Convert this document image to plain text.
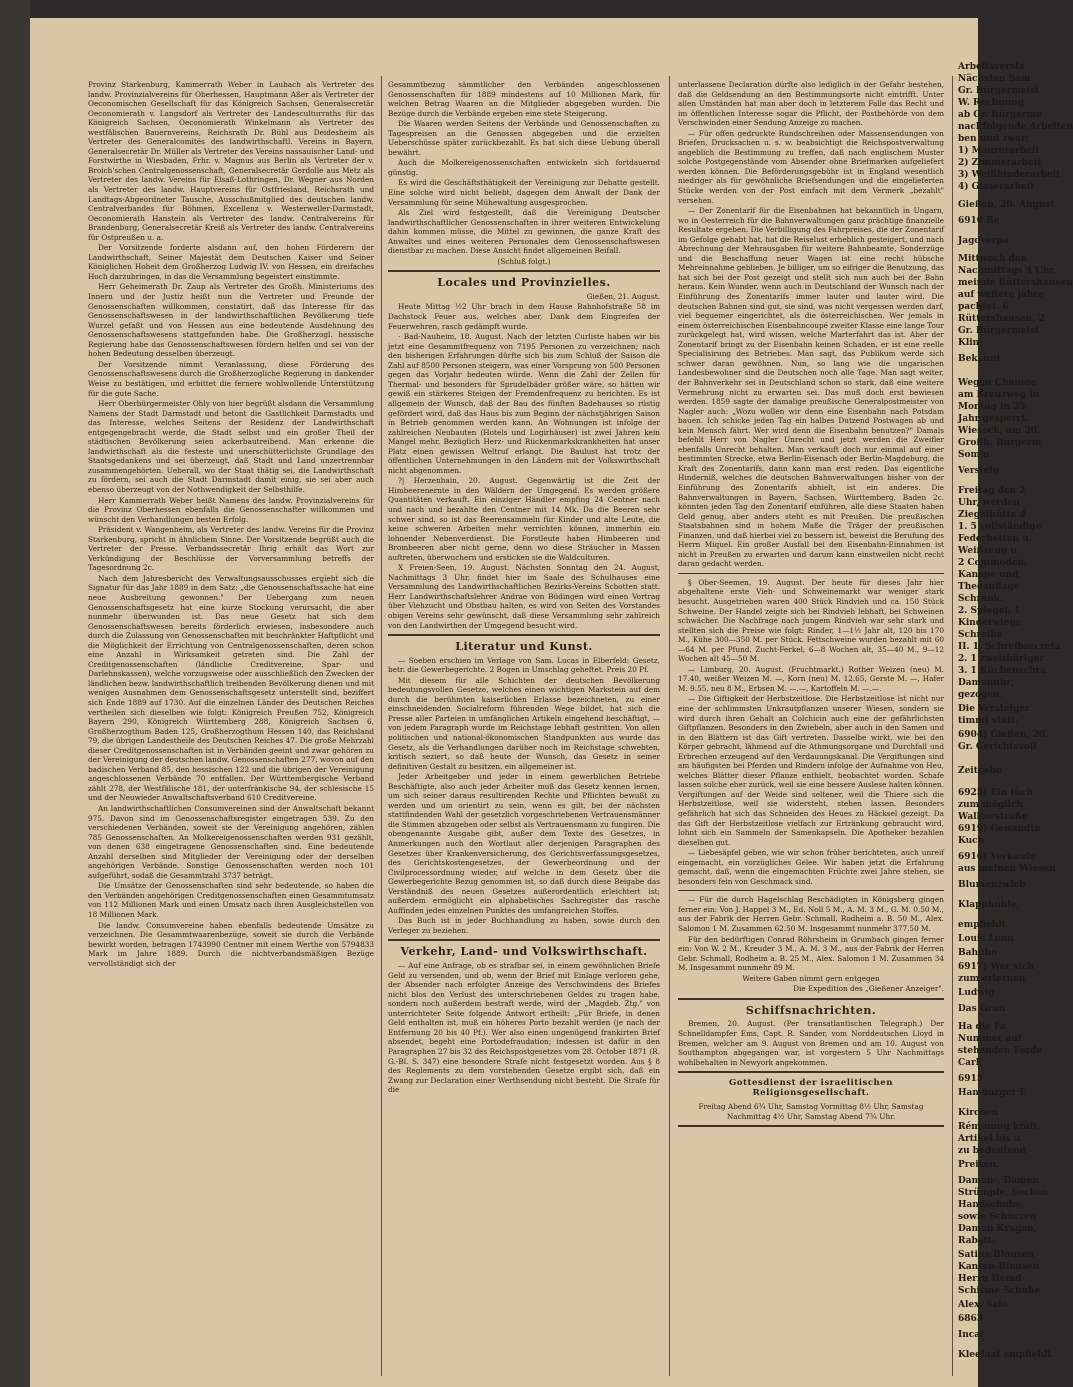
Provinz Starkenburg, Kammerrath Weber in Laubach als Vertreter des landw. Provinzialvereins für Oberhessen, Hauptmann Aßer als Vertreter der Oeconomischen Gesellschaft für das Königreich Sachsen, Generalsecretär Oeconomierath v. Langsdorf als Vertreter des Landesculturraths für das Königreich Sachsen, Oeconomierath Winkelmann als Vertreter des westfälischen Bauernvereins, Reichsrath Dr. Bühl aus Deidesheim als Vertreter des Generalcomités des landwirthschaftl. Vereins in Bayern, Generalsecretär Dr. Müller als Vertreter des Vereins nassauischer Land- und Forstwirthe in Wiesbaden, Frhr. v. Magnus aus Berlin als Vertreter der v. Broich'schen Centralgenossenschaft, Generalsecretär Gerdolle aus Metz als Vertreter des landw. Vereins für Elsaß-Lothringen, Dr. Wegner aus Norden als Vertreter des landw. Hauptvereins für Ostfriesland, Reichsrath und Landtags-Abgeordneter Tausche, Ausschußmitglied des deutschen landw. Centralverbandes für Böhmen, Excellenz v. Westerweller-Darmstadt, Oeconomierath Hanstein als Vertreter des landw. Centralvereins für Brandenburg, Generalsecretär Kreiß als Vertreter des landw. Centralvereins für Ostpreußen u. a.

Der Vorsitzende forderte alsdann auf, den hohen Förderern der Landwirthschaft, Seiner Majestät dem Deutschen Kaiser und Seiner Königlichen Hoheit dem Großherzog Ludwig IV. von Hessen, ein dreifaches Hoch darzubringen, in das die Versammlung begeistert einstimmte.

Herr Geheimerath Dr. Zaup als Vertreter des Großh. Ministeriums des Innern und der Justiz heißt nun die Vertreter und Freunde der Genossenschaften willkommen, constatirt, daß das Interesse für das Genossenschaftswesen in der landwirthschaftlichen Bevölkerung tiefe Wurzel gefaßt und von Hessen aus eine bedeutende Ausdehnung des Genossenschaftswesens stattgefunden habe. Die Großherzogl. hessische Regierung habe das Genossenschaftswesen fördern helfen und sei von der hohen Bedeutung desselben überzeugt.

Der Vorsitzende nimmt Veranlassung, diese Förderung des Genossenschaftswesens durch die Großherzogliche Regierung in dankender Weise zu bestätigen, und erbittet die fernere wohlwollende Unterstützung für die gute Sache.

Herr Oberbürgermeister Ohly von hier begrüßt alsdann die Versammlung Namens der Stadt Darmstadt und betont die Gastlichkeit Darmstadts und das Interesse, welches Seitens der Residenz der Landwirthschaft entgegengebracht werde, die Stadt selbst und ein großer Theil der städtischen Bevölkerung seien ackerbautreibend. Man erkenne die landwirthschaft als die festeste und unerschütterlichste Grundlage des Staatsgedankens und sei überzeugt, daß Stadt und Land unzertrennbar zusammengehörten. Ueberall, wo der Staat thätig sei, die Landwirthschaft zu fördern, sei auch die Stadt Darmstadt damit einig, sie sei aber auch ebenso überzeugt von der Nothwendigkeit der Selbsthilfe.

Herr Kammerrath Weber heißt Namens des landw. Provinzialvereins für die Provinz Oberhessen ebenfalls die Genossenschafter willkommen und wünscht den Verhandlungen besten Erfolg.

Präsident v. Wangenheim, als Vertreter des landw. Vereins für die Provinz Starkenburg, spricht in ähnlichem Sinne. Der Vorsitzende begrüßt auch die Vertreter der Presse. Verbandssecretär Ihrig erhält das Wort zur Verkündigung der Beschlüsse der Vorversammlung betreffs der Tagesordnung 2c.

Nach dem Jahresbericht des Verwaltungsausschusses ergiebt sich die Signatur für das Jahr 1889 in dem Satz: „die Genossenschaftssache hat eine neue Ausbreitung gewonnen." Der Uebergang zum neuen Genossenschaftsgesetz hat eine kurze Stockung verursacht, die aber nunmehr überwunden ist. Das neue Gesetz hat sich dem Genossenschaftswesen bereits förderlich erwiesen, insbesondere auch durch die Zulassung von Genossenschaften mit beschränkter Haftpflicht und die Möglichkeit der Errichtung von Centralgenossenschaften, deren schon eine Anzahl in Wirksamkeit getreten sind. Die Zahl der Creditgenossenschaften (ländliche Creditvereine, Spar- und Darlehnskassen), welche vorzugsweise oder ausschließlich den Zwecken der ländlichen bezw. landwirthschaftlich treibenden Bevölkerung dienen und mit wenigen Ausnahmen dem Genossenschaftsgesetz unterstellt sind, beziffert sich Ende 1889 auf 1730. Auf die einzelnen Länder des Deutschen Reiches vertheilen sich dieselben wie folgt: Königreich Preußen 752, Königreich Bayern 290, Königreich Württemberg 288, Königreich Sachsen 6, Großherzogthum Baden 125, Großherzogthum Hessen 140, das Reichsland 79, die übrigen Landestheile des Deutschen Reiches 47. Die große Mehrzahl dieser Creditgenossenschaften ist in Verbänden geeint und zwar gehören zu der Vereinigung der deutschen landw. Genossenschaften 277, wovon auf den badischen Verband 85, den hessischen 122 und die übrigen der Vereinigung angeschlossenen Verbände 70 entfallen. Der Württembergische Verband zählt 278, der Westfälische 181, der unterfränkische 94, der schlesische 15 und der Neuwieder Anwaltschaftsverband 610 Creditvereine.

An landwirthschaftlichen Consumvereinen sind der Anwaltschaft bekannt 975. Davon sind im Genossenschaftsregister eingetragen 539. Zu den verschiedenen Verbänden, soweit sie der Vereinigung angehören, zählen 785 Genossenschaften. An Molkereigenossenschaften werden 931 gezählt, von denen 638 eingetragene Genossenschaften sind. Eine bedeutende Anzahl derselben sind Mitglieder der Vereinigung oder der derselben angehörigen Verbände. Sonstige Genossenschaften werden noch 101 aufgeführt, sodaß die Gesammtzahl 3737 beträgt.

Die Umsätze der Genossenschaften sind sehr bedeutende, so haben die den Verbänden angehörigen Creditgenossenschaften einen Gesammtumsatz von 112 Millionen Mark und einen Umsatz nach ihren Ausgleichstellen von 18 Millionen Mark.

Die landw. Consumvereine haben ebenfalls bedeutende Umsätze zu verzeichnen. Die Gesammtwaarenbezüge, soweit sie durch die Verbände bewirkt worden, betragen 1743990 Centner mit einem Werthe von 5794833 Mark im Jahre 1889. Durch die nichtverbandsmäßigen Bezüge vervollständigt sich der

Gesammtbezug sämmtlicher den Verbänden angeschlossenen Genossenschaften für 1889 mindestens auf 10 Millionen Mark, für welchen Betrag Waaren an die Mitglieder abgegeben wurden. Die Bezüge durch die Verbände ergeben eine stete Steigerung.

Die Waaren werden Seitens der Verbände und Genossenschaften zu Tagespreisen an die Genossen abgegeben und die erzielten Ueberschüsse später zurückbezahlt. Es hat sich diese Uebung überall bewährt.

Auch die Molkereigenossenschaften entwickeln sich fortdauernd günstig.

Es wird die Geschäftsthätigkeit der Vereinigung zur Debatte gestellt. Eine solche wird nicht beliebt, dagegen dem Anwalt der Dank der Versammlung für seine Mühewaltung ausgesprochen.

Als Ziel wird festgestellt, daß die Vereinigung Deutscher landwirthschaftlicher Genossenschaften in ihrer weiteren Entwickelung dahin kommen müsse, die Mittel zu gewinnen, die ganze Kraft des Anwaltes und eines weiteren Personales dem Genossenschaftswesen dienstbar zu machen. Diese Ansicht findet allgemeinen Beifall.

(Schluß folgt.)

Locales und Provinzielles.

Gießen, 21. August.

Heute Mittag ½2 Uhr brach in dem Hause Bahnhofstraße 58 im Dachstock Feuer aus, welches aber, Dank dem Eingreifen der Feuerwehren, rasch gedämpft wurde.

· Bad-Nauheim, 18. August. Nach der letzten Curliste haben wir bis jetzt eine Gesammtfrequenz von 7195 Personen zu verzeichnen; nach den bisherigen Erfahrungen dürfte sich bis zum Schluß der Saison die Zahl auf 8500 Personen steigern, was einer Vorsprung von 500 Personen gegen das Vorjahr bedeuten würde. Wenn die Zahl der Zellen für Thermal- und besonders für Sprudelbäder größer wäre, so hätten wir gewiß ein stärkeres Steigen der Fremdenfrequenz zu berichten. Es ist allgemein der Wunsch, daß der Bau des fünften Badehauses so rüstig gefördert wird, daß das Haus bis zum Beginn der nächstjährigen Saison in Betrieb genommen werden kann. An Wohnungen ist infolge der zahlreichen Neubauten (Hotels und Logirhäuser) ist zwei Jahren kein Mangel mehr. Bezüglich Herz- und Rückenmarkskrankheiten hat unser Platz einen gewissen Weltruf erlangt. Die Baulust hat trotz der öffentlichen Unternehmungen in den Ländern mit der Volkswirthschaft nicht abgenommen.

?| Herzenhain, 20. August. Gegenwärtig ist die Zeit der Himbeerenernte in den Wäldern der Umgegend. Es werden größere Quantitäten verkauft. Ein einziger Händler empfing 24 Centner nach und nach und bezahlte den Centner mit 14 Mk. Da die Beeren sehr schwer sind, so ist das Beerensammeln für Kinder und alte Leute, die keine schweren Arbeiten mehr verrichten können, immerhin ein lohnender Nebenverdienst. Die Forstleute haben Himbeeren und Brombeeren aber nicht gerne, denn wo diese Sträucher in Massen auftreten, überwuchern und ersticken sie die Waldculturen.

X Freien-Seen, 19. August. Nächsten Sonntag den 24. August, Nachmittags 3 Uhr, findet hier im Saale des Schulhauses eine Versammlung des Landwirthschaftlichen Bezirks-Vereins Schotten statt. Herr Landwirthschaftslehrer Andrae von Büdingen wird einen Vortrag über Viehzucht und Obstbau halten, es wird von Seiten des Vorstandes obigen Vereins sehr gewünscht, daß diese Versammlung sehr zahlreich von den Landwirthen der Umgegend besucht wird.

Literatur und Kunst.

— Soeben erschien im Verlage von Sam. Lucas in Elberfeld: Gesetz, betr. die Gewerbegerichte. 2 Bogen in Umschlag geheftet. Preis 20 Pf.

Mit diesem für alle Schichten der deutschen Bevölkerung bedeutungsvollen Gesetze, welches einen wichtigen Markstein auf dem durch die berühmten kaiserlichen Erlasse bezeichneten, zu einer einschneidenden Socialreform führenden Wege bildet, hat sich die Presse aller Parteien in umfänglichen Artikeln eingehend beschäftigt, — von jedem Paragraph wurde im Reichstage lebhaft gestritten. Von allen politischen und national-ökonomischen Standpunkten aus wurde das Gesetz, als die Verhandlungen darüber noch im Reichstage schwebten, kritisch seziert, so daß heute der Wunsch, das Gesetz in seiner definitiven Gestalt zu besitzen, ein allgemeiner ist.

Jeder Arbeitgeber und jeder in einem gewerblichen Betriebe Beschäftigte, also auch jeder Arbeiter muß das Gesetz kennen lernen, um sich seiner daraus resultirenden Rechte und Pflichten bewußt zu werden und um orientirt zu sein, wenn es gilt, bei der nächsten stattfindenden Wahl der gesetzlich vorgeschriebenen Vertrauensmänner die Stimmen abzugeben oder selbst als Vertrauensmann zu fungiren. Die obengenannte Ausgabe gibt, außer dem Texte des Gesetzes, in Anmerkungen auch den Wortlaut aller derjenigen Paragraphen des Gesetzes über Krankenversicherung, des Gerichtsverfassungsgesetzes, des Gerichtskostengesetzes, der Gewerbeordnung und der Civilprocessordnung wieder, auf welche in dem Gesetz über die Gewerbegerichte Bezug genommen ist, so daß durch diese Beigabe das Verständniß des neuen Gesetzes außerordentlich erleichtert ist; außerdem ermöglicht ein alphabetisches Sachregister das rasche Auffinden jedes einzelnen Punktes des umfangreichen Stoffes.

Das Buch ist in jeder Buchhandlung zu haben, sowie durch den Verleger zu beziehen.

Verkehr, Land- und Volkswirthschaft.

— Auf eine Anfrage, ob es strafbar sei, in einem gewöhnlichen Briefe Geld zu versenden, und ob, wenn der Brief mit Einlage verloren gehe, der Absender nach erfolgter Anzeige des Verschwindens des Briefes nicht blos den Verlust des unterschriebenen Geldes zu tragen habe, sondern noch außerdem bestraft werde, wird der „Magdeb. Ztg." von unterrichteter Seite folgende Antwort ertheilt: „Für Briefe, in denen Geld enthalten ist, muß ein höheres Porto bezahlt werden (je nach der Entfernung 20 bis 40 Pf.). Wer also einen ungenügend frankirten Brief absendet, begeht eine Portodefraudation; indessen ist dafür in den Paragraphen 27 bis 32 des Reichspostgesetzes vom 28. October 1871 (R. G.-Bl. S. 347) eine besondere Strafe nicht festgesetzt worden. Aus § 8 des Reglements zu dem vorstehenden Gesetze ergibt sich, daß ein Zwang zur Declaration einer Werthsendung nicht besteht. Die Strafe für die

unterlassene Declaration dürfte also lediglich in der Gefahr bestehen, daß die Geldsendung an den Bestimmungsorte nicht eintrifft. Unter allen Umständen hat man aber doch in letzterem Falle das Recht und im öffentlichen Interesse sogar die Pflicht, der Postbehörde von dem Verschwinden einer Sendung Anzeige zu machen.

— Für offen gedruckte Rundschreiben oder Massensendungen von Briefen, Drucksachen u. s. w. beabsichtigt die Reichspostverwaltung angeblich die Bestimmung zu treffen, daß nach englischem Muster solche Postgegenstände vom Absender ohne Briefmarken aufgeliefert werden können. Die Beförderungsgebühr ist in England wesentlich niedriger als für gewöhnliche Briefsendungen und die eingelieferten Stücke werden von der Post einfach mit dem Vermerk „bezahlt" versehen.

— Der Zonentarif für die Eisenbahnen hat bekanntlich in Ungarn, wo in Oesterreich für die Bahnverwaltungen ganz prächtige finanzielle Resultate ergeben. Die Verbilligung des Fahrpreises, die der Zonentarif im Gefolge gehabt hat, hat die Reiselust erheblich gesteigert, und nach Abrechnung der Mehrausgaben für weitere Bahnbeamte, Sonderzüge und die Beschaffung neuer Wagen ist eine recht hübsche Mehreinnahme geblieben. Je billiger, um so eifriger die Benutzung, das hat sich bei der Post gezeigt und stellt sich nun auch bei der Bahn heraus. Kein Wunder, wenn auch in Deutschland der Wunsch nach der Einführung des Zonentarifs immer lauter und lauter wird. Die deutschen Bahnen sind gut, sie sind, was nicht vergessen werden darf, viel bequemer eingerichtet, als die österreichischen. Wer jemals in einem österreichischen Eisenbahncoupé zweiter Klasse eine lange Tour zurückgelegt hat, wird wissen, welche Marterfahrt das ist. Aber der Zonentarif bringt zu der Eisenbahn keinen Schaden, er ist eine reelle Specialisirung des Betriebes. Man sagt, das Publikum werde sich schwer daran gewöhnen. Nun, so lang wie die ungarischen Landesbewohner sind die Deutschen noch alle Tage. Man sagt weiter, der Bahnverkehr sei in Deutschland schon so stark, daß eine weitere Vermehrung nicht zu erwarten sei. Das muß doch erst bewiesen werden. 1859 sagte der damalige preußische Generalpostmeister von Nagler auch: „Wozu wollen wir denn eine Eisenbahn nach Potsdam bauen. Ich schicke jeden Tag ein halbes Dutzend Postwagen ab und kein Mensch fährt. Wer wird denn die Eisenbahn benutzen?" Damals befehlt Herr von Nagler Unrecht und jetzt werden die Zweifler ebenfalls Unrecht behalten. Man verkauft doch nur einmal auf einer bestimmten Strecke, etwa Berlin-Eisenach oder Berlin-Magdeburg, die Kraft des Zonentarifs, dann kann man erst reden. Das eigentliche Hinderniß, welches die deutschen Bahnverwaltungen bisher von der Einführung des Zonentarifs abhielt, ist ein anderes. Die Bahnverwaltungen in Bayern, Sachsen, Württemberg, Baden 2c. könnten jeden Tag den Zonentarif einführen, alle diese Staaten haben Geld genug, aber anders steht es mit Preußen. Die preußischen Staatsbahnen sind in hohem Maße die Träger der preußischen Finanzen, und daß hierbei viel zu bessern ist, beweist die Berufung des Herrn Miquel. Ein großer Ausfall bei den Eisenbahn-Einnahmen ist nicht in Preußen zu erwarten und darum kann einstweilen nicht recht daran gedacht werden.

§ Ober-Seemen, 19. August. Der heute für dieses Jahr hier abgehaltene erste Vieh- und Schweinemarkt war weniger stark besucht. Ausgetrieben waren 400 Stück Rindvieh und ca. 150 Stück Schweine. Der Handel zeigte sich bei Rindvieh lebhaft, bei Schweinen schwächer. Die Nachfrage nach jungem Rindvieh war sehr stark und stellten sich die Preise wie folgt: Rinder, 1—1½ Jahr alt, 120 bis 170 M., Kühe 300—350 M. per Stück. Fettschweine wurden bezahlt mit 60—64 M. per Pfund. Zucht-Ferkel, 6—8 Wochen alt, 35—40 M., 9—12 Wochen alt 45—50 M.

— Limburg, 20. August. (Fruchtmarkt.) Rother Weizen (neu) M. 17.40, weißer Weizen M. —, Korn (neu) M. 12.65, Gerste M. —, Hafer M. 9.55, neu 8 M., Erbsen M. —.—, Kartoffeln M. —.—.

— Die Giftigkeit der Herbstzeitlose. Die Herbstzeitlose ist nicht nur eine der schlimmsten Unkrautpflanzen unserer Wiesen, sondern sie wird durch ihren Gehalt an Colchicin auch eine der gefährlichsten Giftpflanzen. Besonders in den Zwiebeln, aber auch in den Samen und in den Blättern ist das Gift vertreten. Dasselbe wirkt, wie bei den Körper gebracht, lähmend auf die Athmungsorgane und Durchfall und Erbrechen erzeugend auf den Verdauungskanal. Die Vergiftungen sind am häufigsten bei Pferden und Rindern infolge der Aufnahme von Heu, welches Blätter dieser Pflanze enthielt, beobachtet worden. Schafe lassen solche eher zurück, weil sie eine bessere Auslese halten können. Vergiftungen auf der Weide sind seltener, weil die Thiere sich die Herbstzeitlose, weil sie widersteht, stehen lassen. Besonders gefährlich hat sich das Schneiden des Heues zu Häcksel gezeigt. Da das Gift der Herbstzeitlose vielfach zur Ertränkung gebraucht wird, lohnt sich ein Sammeln der Samenkapseln. Die Apotheker bezahlen dieselben gut.

— Liebesäpfel geben, wie wir schon früher berichteten, auch unreif eingemacht, ein vorzügliches Gelee. Wir haben jetzt die Erfahrung gemacht, daß, wenn die eingemachten Früchte zwei Jahre stehen, sie besonders fein von Geschmack sind.

— Für die durch Hagelschlag Beschädigten in Königsberg gingen ferner ein: Von J. Happel 3 M., Ed. Noll 5 M., A. M. 3 M., G. M. 0.50 M., aus der Fabrik der Herren Gebr. Schmall, Rodheim a. B. 50 M., Alex. Salomon 1 M. Zusammen 62.50 M. Insgesammt nunmehr 377.50 M.

Für den bedürftigen Conrad Röhrsheim in Grumbach gingen ferner ein: Von W. 2 M., Kreuder 3 M., A. M. 3 M., aus der Fabrik der Herren Gebr. Schmall, Rodheim a. B. 25 M., Alex. Salomon 1 M. Zusammen 34 M. Insgesammt nunmehr 89 M.

Weitere Gaben nimmt gern entgegen

Die Expedition des „Gießener Anzeiger".

Schiffsnachrichten.

Bremen, 20. August. (Per transatlantischen Telegraph.) Der Schnelldampfer Ems, Capt. R. Sander, vom Norddeutschen Lloyd in Bremen, welcher am 9. August von Bremen und am 10. August von Southampton abgegangen war, ist vorgestern 5 Uhr Nachmittags wohlbehalten in Newyork angekommen.

Gottesdienst der israelitischen Religionsgesellschaft.

Freitag Abend 6¾ Uhr, Samstag Vormittag 8½ Uhr, Samstag Nachmittag 4½ Uhr, Samstag Abend 7¾ Uhr.

Arbeitsverste
Nächsten Sam
Gr. Bürgermeist
W. Rechnung
ab Gr. Bürgerme
nachfolgende Arbeiten
ben und zwar:
1) Maurerarbeit
2) Zimmerarbeit
3) Weißbinderarbeit
4) Glaserarbeit
Gießen, 20. August
6910 Be
Jagdverpa
Mittwoch den
Nachmittags 4 Uhr,
meinde Rüttershausen
auf weitere jahre
pachtet. 6
Rüttershausen, 2
Gr. Bürgermeist
Klin
Bekannt
Wegen Chausse
am Kreuzweg in
Montag in 25.
Jahr gesperrt.
Wieseck, am 20.
Großh. Bürgerm
Somm
Versteig
Freitag den 2
Uhr, werden
Ziegelhütte d
1. 5 vollständige
Federbetten u.
Weißzeug u.
2 Commoden,
Kanapé und
Theeauflage
Schrank.
2. Spiegel, 1
Kinderwiege
Schreibs
II. 1. Schreibsecreta
2. 1 zweithüriger
3. 1 Küchenschra
Damenuhr,
gezogen.
Die Versteiger
timmt statt.
6904) Gießen, 20.
Gr. Gerichtsvoll
Zeitgebo
6925) Ein tüch
zum möglich
Walltorstraße
6919) Gewandte
Kuch
6916) Verkaufe
aus meinen Wiesen
Blumenzwieb
Klapphühle,
empfiehlt
Louis Lonn
Bahnho
6917) Wer sich
zum erlernen
Ludwig
Das Grun
Ha die Fa
Nummer auf
stehenden Forde
Carl
6915
Hamburger E
Kirchen
Rémmung kräft
Artikel bis u
zu bedeutend
Preisen.
Damen-, Damen
Strümpfe, Socken
Handschuhe,
sowie Schürzen
Damen Kragen,
Rabatt.
Satins-Blousen
Kanten-Blousen
Herrn Hemd-
Schirme Schuhe
Alex. Salo
6863
Incar
Kleefaat empfiehlt
